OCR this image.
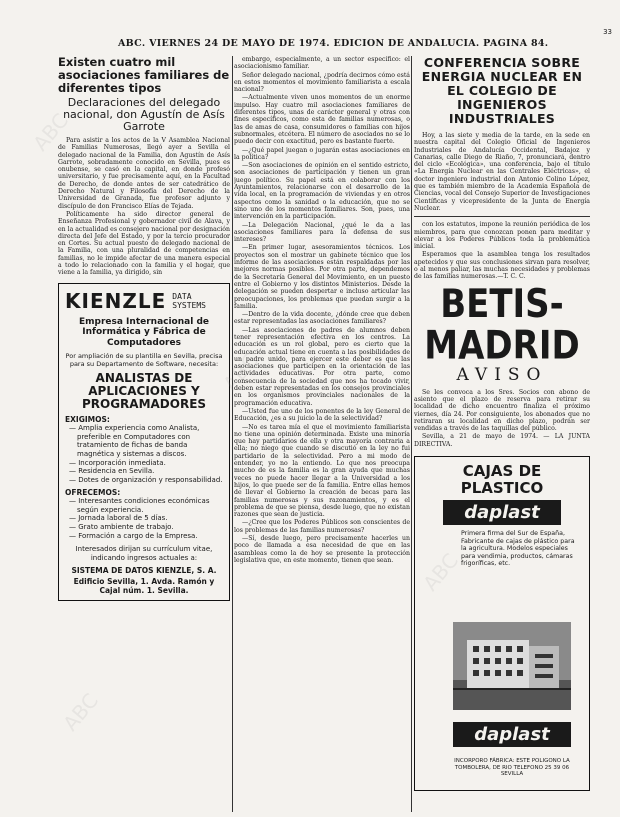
ABC. VIERNES 24 DE MAYO DE 1974. EDICION DE ANDALUCIA. PAGINA 84.
33
Existen cuatro mil asociaciones familiares de diferentes tipos
Declaraciones del delegado nacional, don Agustín de Asís Garrote

Para asistir a los actos de la V Asamblea Nacional de Familias Numerosas, llegó ayer a Sevilla el delegado nacional de la Familia, don Agustín de Asís Garrote, sobradamente conocido en Sevilla, pues es onubense, se casó en la capital, en donde profesó universitario, y fue precisamente aquí, en la Facultad de Derecho, de donde antes de ser catedrático de Derecho Natural y Filosofía del Derecho de la Universidad de Granada, fue profesor adjunto y discípulo de don Francisco Elías de Tejada.

Políticamente ha sido director general de Enseñanza Profesional y gobernador civil de Alava, y en la actualidad es consejero nacional por designación directa del Jefe del Estado, y por la tercio procurador en Cortes. Su actual puesto de delegado nacional de la Familia, con una pluralidad de competencias en familias, no le impide afectar de una manera especial a todo lo relacionado con la familia y el hogar, que viene a la familia, ya dirigido, sin

KIENZLE DATA
SYSTEMS
Empresa Internacional de Informática y Fábrica de Computadores
Por ampliación de su plantilla en Sevilla, precisa para su Departamento de Software, necesita:
ANALISTAS DE APLICACIONES Y PROGRAMADORES
EXIGIMOS:
— Amplia experiencia como Analista, preferible en Computadores con tratamiento de fichas de banda magnética y sistemas a discos.
— Incorporación inmediata.
— Residencia en Sevilla.
— Dotes de organización y responsabilidad.
OFRECEMOS:
— Interesantes condiciones económicas según experiencia.
— Jornada laboral de 5 días.
— Grato ambiente de trabajo.
— Formación a cargo de la Empresa.
Interesados dirijan su currículum vitae, indicando ingresos actuales a:
SISTEMA DE DATOS KIENZLE, S. A.
Edificio Sevilla, 1. Avda. Ramón y Cajal núm. 1. Sevilla.

embargo, especialmente, a un sector específico: el asociacionismo familiar.

Señor delegado nacional, ¿podría decirnos cómo está en estos momentos el movimiento familiarista a escala nacional?

—Actualmente viven unos momentos de un enorme impulso. Hay cuatro mil asociaciones familiares de diferentes tipos, unas de carácter general y otras con fines específicos, como esta de familias numerosas, o las de amas de casa, consumidores o familias con hijos subnormales, etcétera. El número de asociados no se lo puedo decir con exactitud, pero es bastante fuerte.

—¿Qué papel juegan o jugarán estas asociaciones en la política?

—Son asociaciones de opinión en el sentido estricto, son asociaciones de participación y tienen un gran juego político. Su papel está en colaborar con los Ayuntamientos, relacionarse con el desarrollo de la vida local, en la programación de viviendas y en otros aspectos como la sanidad o la educación, que no se sino uno de los momentos familiares. Son, pues, una intervención en la participación.

—La Delegación Nacional, ¿qué le da a las asociaciones familiares para la defensa de sus intereses?

—En primer lugar, asesoramientos técnicos. Los proyectos son el mostrar un gabinete técnico que los informe de las asociaciones están respaldadas por las mejores normas posibles. Por otra parte, dependemos de la Secretaría General del Movimiento, en un puesto entre el Gobierno y los distintos Ministerios. Desde la delegación se pueden despertar e incluso articular las preocupaciones, los problemas que puedan surgir a la familia.

—Dentro de la vida docente, ¿dónde cree que deben estar representadas las asociaciones familiares?

—Las asociaciones de padres de alumnos deben tener representación efectiva en los centros. La educación es un rol global, pero es cierto que la educación actual tiene en cuenta a las posibilidades de un padre unido, para ejercer este deber es que las asociaciones que participen en la orientación de las actividades educativas. Por otra parte, como consecuencia de la sociedad que nos ha tocado vivir, deben estar representadas en los consejos provinciales en los organismos provinciales nacionales de la programación educativa.

—Usted fue uno de los ponentes de la ley General de Educación, ¿es a su juicio la de la selectividad?

—No es tarea mía el que el movimiento familiarista no tiene una opinión determinada. Existe una minoría que hay partidarios de ella y otra mayoría contraria a ella; no niego que cuando se discutió en la ley no fui partidario de la selectividad. Pero a mi modo de entender, yo no la entiendo. Lo que nos preocupa mucho de es la familia es la gran ayuda que muchas veces no puede hacer llegar a la Universidad a los hijos, lo que puede ser de la familia. Entre ellas hemos de llevar el Gobierno la creación de becas para las familias numerosas y sus razonamientos, y es el problema de que se piensa, desde luego, que no existan razones que sean de justicia.

—¿Cree que los Poderes Públicos son conscientes de los problemas de las familias numerosas?

—Sí, desde luego, pero precisamente hacerles un poco de llamada a esa necesidad de que en las asambleas como la de hoy se presente la protección legislativa que, en este momento, tienen que sean.

CONFERENCIA SOBRE ENERGIA NUCLEAR EN EL COLEGIO DE INGENIEROS INDUSTRIALES

Hoy, a las siete y media de la tarde, en la sede en nuestra capital del Colegio Oficial de Ingenieros Industriales de Andalucía Occidental, Badajoz y Canarias, calle Diego de Riaño, 7, pronunciará, dentro del ciclo «Ecológica», una conferencia, bajo el título «La Energía Nuclear en las Centrales Eléctricas», el doctor ingeniero industrial don Antonio Colino López, que es también miembro de la Academia Española de Ciencias, vocal del Consejo Superior de Investigaciones Científicas y vicepresidente de la Junta de Energía Nuclear.

con los estatutos, impone la reunión periódica de los miembros, para que conozcan ponen para meditar y elevar a los Poderes Públicos toda la problemática inicial.

Esperamos que la asamblea tenga los resultados apetecidos y que sus conclusiones sirvan para resolver, o al menos paliar, las muchas necesidades y problemas de las familias numerosas.—T. C. C.

BETIS-MADRID
AVISO

Se les convoca a los Sres. Socios con abono de asiento que el plazo de reserva para retirar su localidad de dicho encuentro finaliza el próximo viernes, día 24. Por consiguiente, los abonados que no retiraran su localidad en dicho plazo, podrán ser vendidas a través de las taquillas del público.

Sevilla, a 21 de mayo de 1974. — LA JUNTA DIRECTIVA.

CAJAS DE PLASTICO
daplast
Primera firma del Sur de España, Fabricante de cajas de plástico para la agricultura. Modelos especiales para vendimia, productos, cámaras frigoríficas, etc.
daplast
INCORPORO FÁBRICA: ESTE POLIGONO LA TOMBOLERA, DE RIO TELEFONO 25 39 06 SEVILLA
ABC
ABC
ABC
ABC
